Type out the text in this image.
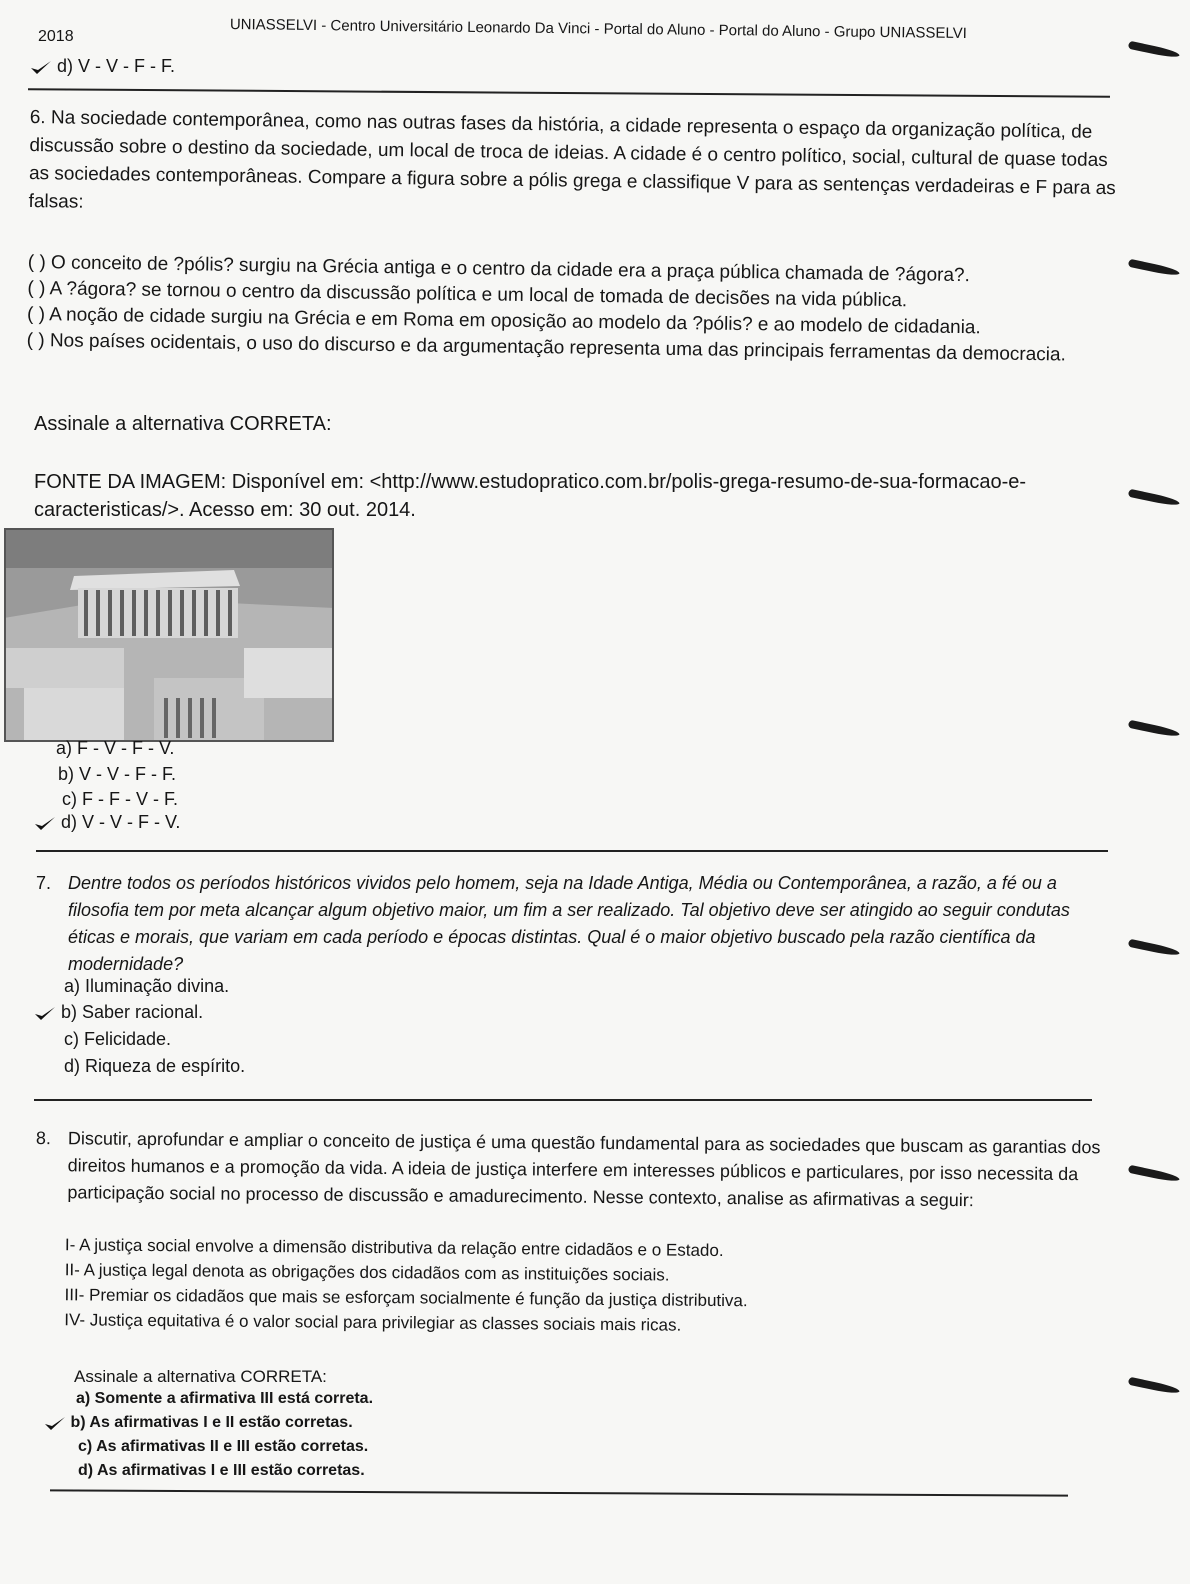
2018	UNIASSELVI - Centro Universitário Leonardo Da Vinci - Portal do Aluno - Portal do Aluno - Grupo UNIASSELVI
d) V - V - F - F.

6. Na sociedade contemporânea, como nas outras fases da história, a cidade representa o espaço da organização política, de discussão sobre o destino da sociedade, um local de troca de ideias. A cidade é o centro político, social, cultural de quase todas as sociedades contemporâneas. Compare a figura sobre a pólis grega e classifique V para as sentenças verdadeiras e F para as falsas:

( ) O conceito de ?pólis? surgiu na Grécia antiga e o centro da cidade era a praça pública chamada de ?ágora?.
( ) A ?ágora? se tornou o centro da discussão política e um local de tomada de decisões na vida pública.
( ) A noção de cidade surgiu na Grécia e em Roma em oposição ao modelo da ?pólis? e ao modelo de cidadania.
( ) Nos países ocidentais, o uso do discurso e da argumentação representa uma das principais ferramentas da democracia.
Assinale a alternativa CORRETA:
FONTE DA IMAGEM: Disponível em: <http://www.estudopratico.com.br/polis-grega-resumo-de-sua-formacao-e-caracteristicas/>. Acesso em: 30 out. 2014.
a) F - V - F - V.
b) V - V - F - F.
c) F - F - V - F.
d) V - V - F - V.
7. Dentre todos os períodos históricos vividos pelo homem, seja na Idade Antiga, Média ou Contemporânea, a razão, a fé ou a filosofia tem por meta alcançar algum objetivo maior, um fim a ser realizado. Tal objetivo deve ser atingido ao seguir condutas éticas e morais, que variam em cada período e épocas distintas. Qual é o maior objetivo buscado pela razão científica da modernidade?
a) Iluminação divina.
b) Saber racional.
c) Felicidade.
d) Riqueza de espírito.
8. Discutir, aprofundar e ampliar o conceito de justiça é uma questão fundamental para as sociedades que buscam as garantias dos direitos humanos e a promoção da vida. A ideia de justiça interfere em interesses públicos e particulares, por isso necessita da participação social no processo de discussão e amadurecimento. Nesse contexto, analise as afirmativas a seguir:
I- A justiça social envolve a dimensão distributiva da relação entre cidadãos e o Estado.
II- A justiça legal denota as obrigações dos cidadãos com as instituições sociais.
III- Premiar os cidadãos que mais se esforçam socialmente é função da justiça distributiva.
IV- Justiça equitativa é o valor social para privilegiar as classes sociais mais ricas.
Assinale a alternativa CORRETA:
a) Somente a afirmativa III está correta.
b) As afirmativas I e II estão corretas.
c) As afirmativas II e III estão corretas.
d) As afirmativas I e III estão corretas.
